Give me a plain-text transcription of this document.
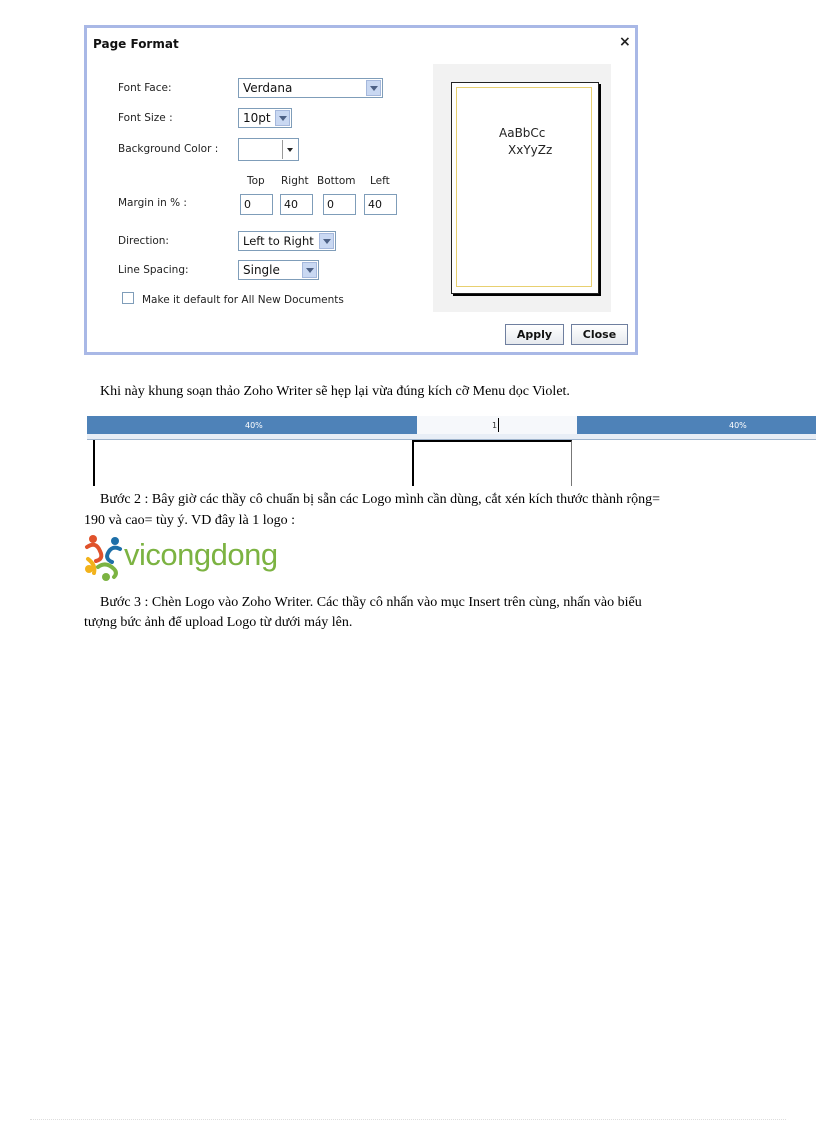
Page Format	×
Font Face:	Verdana
Font Size :	10pt
Background Color :
Top Right Bottom Left
Margin in % :	0	40	0	40
Direction:	Left to Right
Line Spacing:	Single
Make it default for All New Documents
AaBbCc
XxYyZz
Apply	Close
Khi này khung soạn thảo Zoho Writer sẽ hẹp lại vừa đúng kích cỡ Menu dọc Violet.
40%	1	40%
Bước 2 : Bây giờ các thầy cô chuẩn bị sẵn các Logo mình cần dùng, cắt xén kích thước thành rộng=
190 và cao= tùy ý. VD đây là 1 logo :
vicongdong
Bước 3 : Chèn Logo vào Zoho Writer. Các thầy cô nhấn vào mục Insert trên cùng, nhấn vào biểu
tượng bức ảnh để upload Logo từ dưới máy lên.
